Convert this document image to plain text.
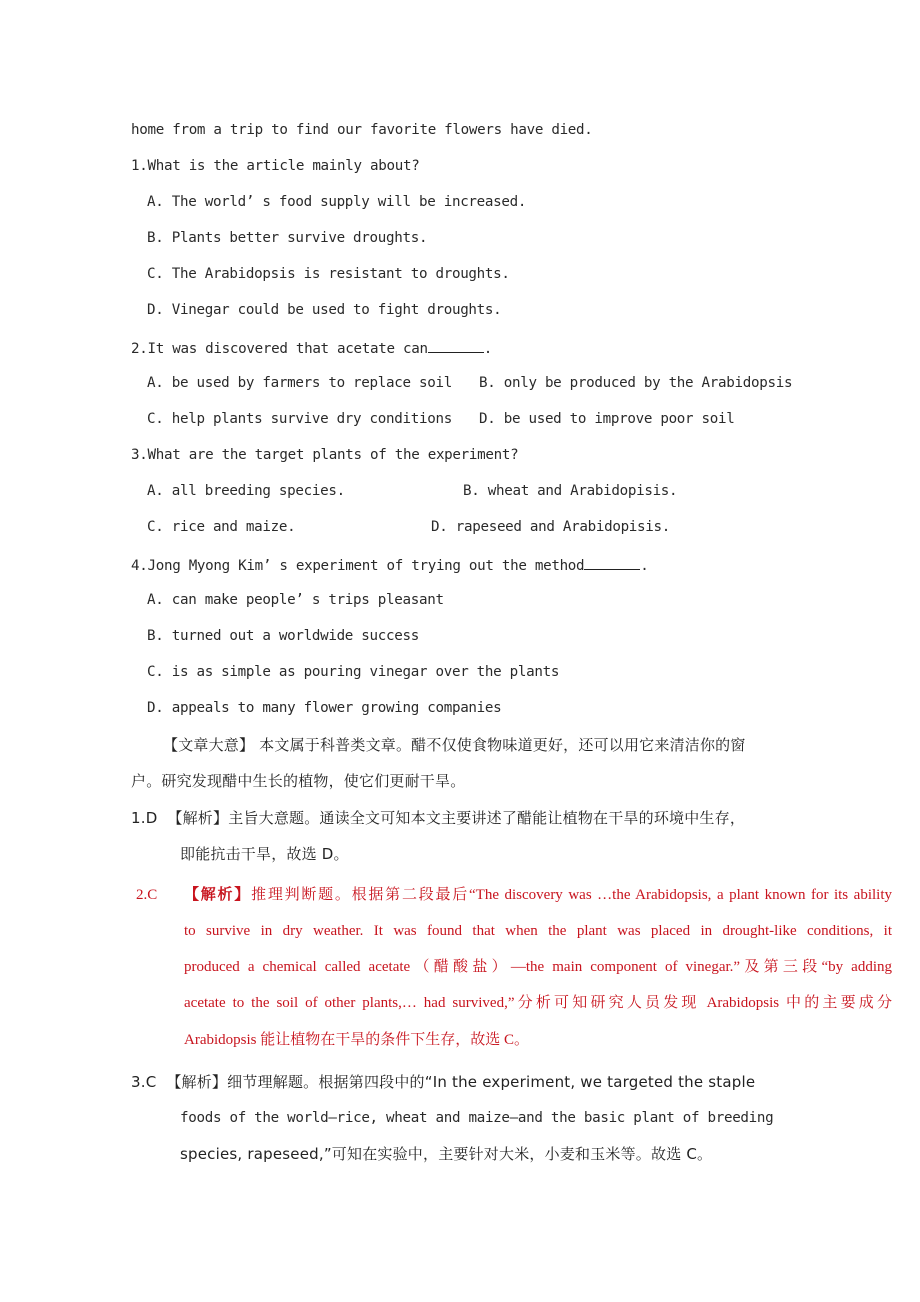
home from a trip to find our favorite flowers have died.
1.What is the article mainly about?
A. The world’ s food supply will be increased.
B. Plants better survive droughts.
C. The Arabidopsis is resistant to droughts.
D. Vinegar could be used to fight droughts.
2.It was discovered that acetate can	.
A. be used by farmers to replace soil B. only be produced by the Arabidopsis
C. help plants survive dry conditions D. be used to improve poor soil
3.What are the target plants of the experiment?
A. all breeding species.	B. wheat and Arabidopisis.
C. rice and maize.	D. rapeseed and Arabidopisis.
4.Jong Myong Kim’ s experiment of trying out the method	.
A. can make people’ s trips pleasant
B. turned out a worldwide success
C. is as simple as pouring vinegar over the plants
D. appeals to many flower growing companies
【文章大意】 本文属于科普类文章。醋不仅使食物味道更好，还可以用它来清洁你的窗
户。研究发现醋中生长的植物，使它们更耐干旱。
1.D 【解析】主旨大意题。通读全文可知本文主要讲述了醋能让植物在干旱的环境中生存，
即能抗击干旱，故选 D。
2.C 【解析】推理判断题。根据第二段最后“The discovery was …the Arabidopsis, a plant known for its ability
to survive in dry weather. It was found that when the plant was placed in drought-like conditions, it
produced a chemical called acetate（醋酸盐）—the main component of vinegar.”及第三段“by adding
acetate to the soil of other plants,… had survived,”分析可知研究人员发现 Arabidopsis 中的主要成分
Arabidopsis 能让植物在干旱的条件下生存，故选 C。
3.C 【解析】细节理解题。根据第四段中的“In the experiment, we targeted the staple
foods of the world—rice, wheat and maize—and the basic plant of breeding
species, rapeseed,”可知在实验中，主要针对大米，小麦和玉米等。故选 C。
